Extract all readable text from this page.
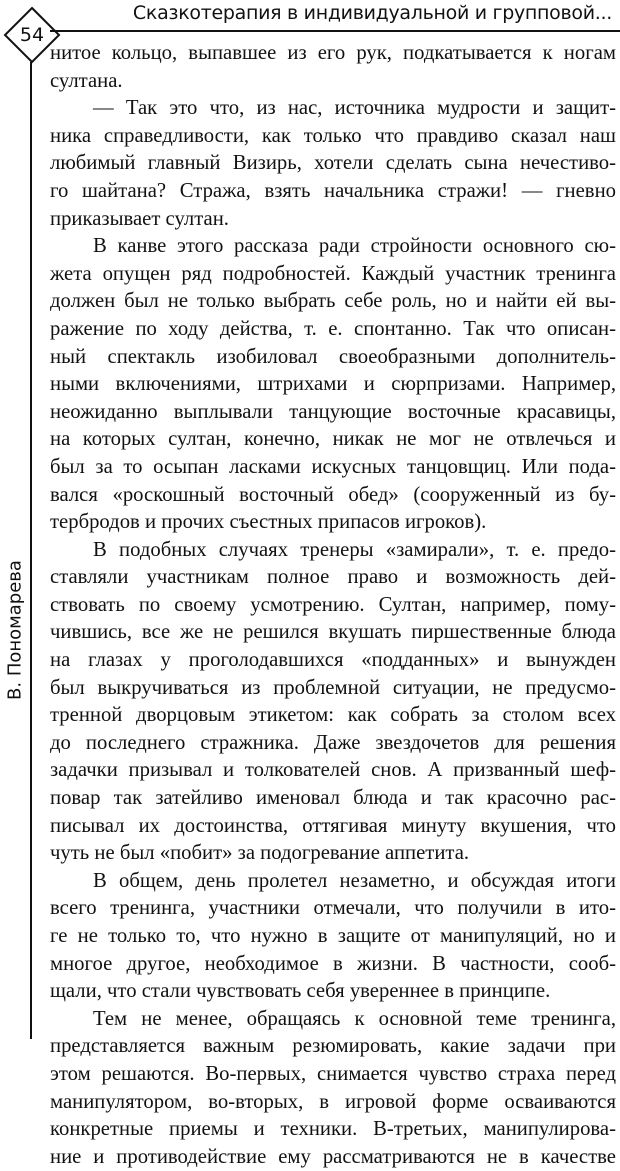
54
Сказкотерапия в индивидуальной и групповой...
В. Пономарева
нитое кольцо, выпавшее из его рук, подкатывается к ногам
султана.
— Так это что, из нас, источника мудрости и защит-
ника справедливости, как только что правдиво сказал наш
любимый главный Визирь, хотели сделать сына нечестиво-
го шайтана? Стража, взять начальника стражи! — гневно
приказывает султан.
В канве этого рассказа ради стройности основного сю-
жета опущен ряд подробностей. Каждый участник тренинга
должен был не только выбрать себе роль, но и найти ей вы-
ражение по ходу действа, т. е. спонтанно. Так что описан-
ный спектакль изобиловал своеобразными дополнитель-
ными включениями, штрихами и сюрпризами. Например,
неожиданно выплывали танцующие восточные красавицы,
на которых султан, конечно, никак не мог не отвлечься и
был за то осыпан ласками искусных танцовщиц. Или пода-
вался «роскошный восточный обед» (сооруженный из бу-
тербродов и прочих съестных припасов игроков).
В подобных случаях тренеры «замирали», т. е. предо-
ставляли участникам полное право и возможность дей-
ствовать по своему усмотрению. Султан, например, пому-
чившись, все же не решился вкушать пиршественные блюда
на глазах у проголодавшихся «подданных» и вынужден
был выкручиваться из проблемной ситуации, не предусмо-
тренной дворцовым этикетом: как собрать за столом всех
до последнего стражника. Даже звездочетов для решения
задачки призывал и толкователей снов. А призванный шеф-
повар так затейливо именовал блюда и так красочно рас-
писывал их достоинства, оттягивая минуту вкушения, что
чуть не был «побит» за подогревание аппетита.
В общем, день пролетел незаметно, и обсуждая итоги
всего тренинга, участники отмечали, что получили в ито-
ге не только то, что нужно в защите от манипуляций, но и
многое другое, необходимое в жизни. В частности, сооб-
щали, что стали чувствовать себя увереннее в принципе.
Тем не менее, обращаясь к основной теме тренинга,
представляется важным резюмировать, какие задачи при
этом решаются. Во-первых, снимается чувство страха перед
манипулятором, во-вторых, в игровой форме осваиваются
конкретные приемы и техники. В-третьих, манипулирова-
ние и противодействие ему рассматриваются не в качестве
